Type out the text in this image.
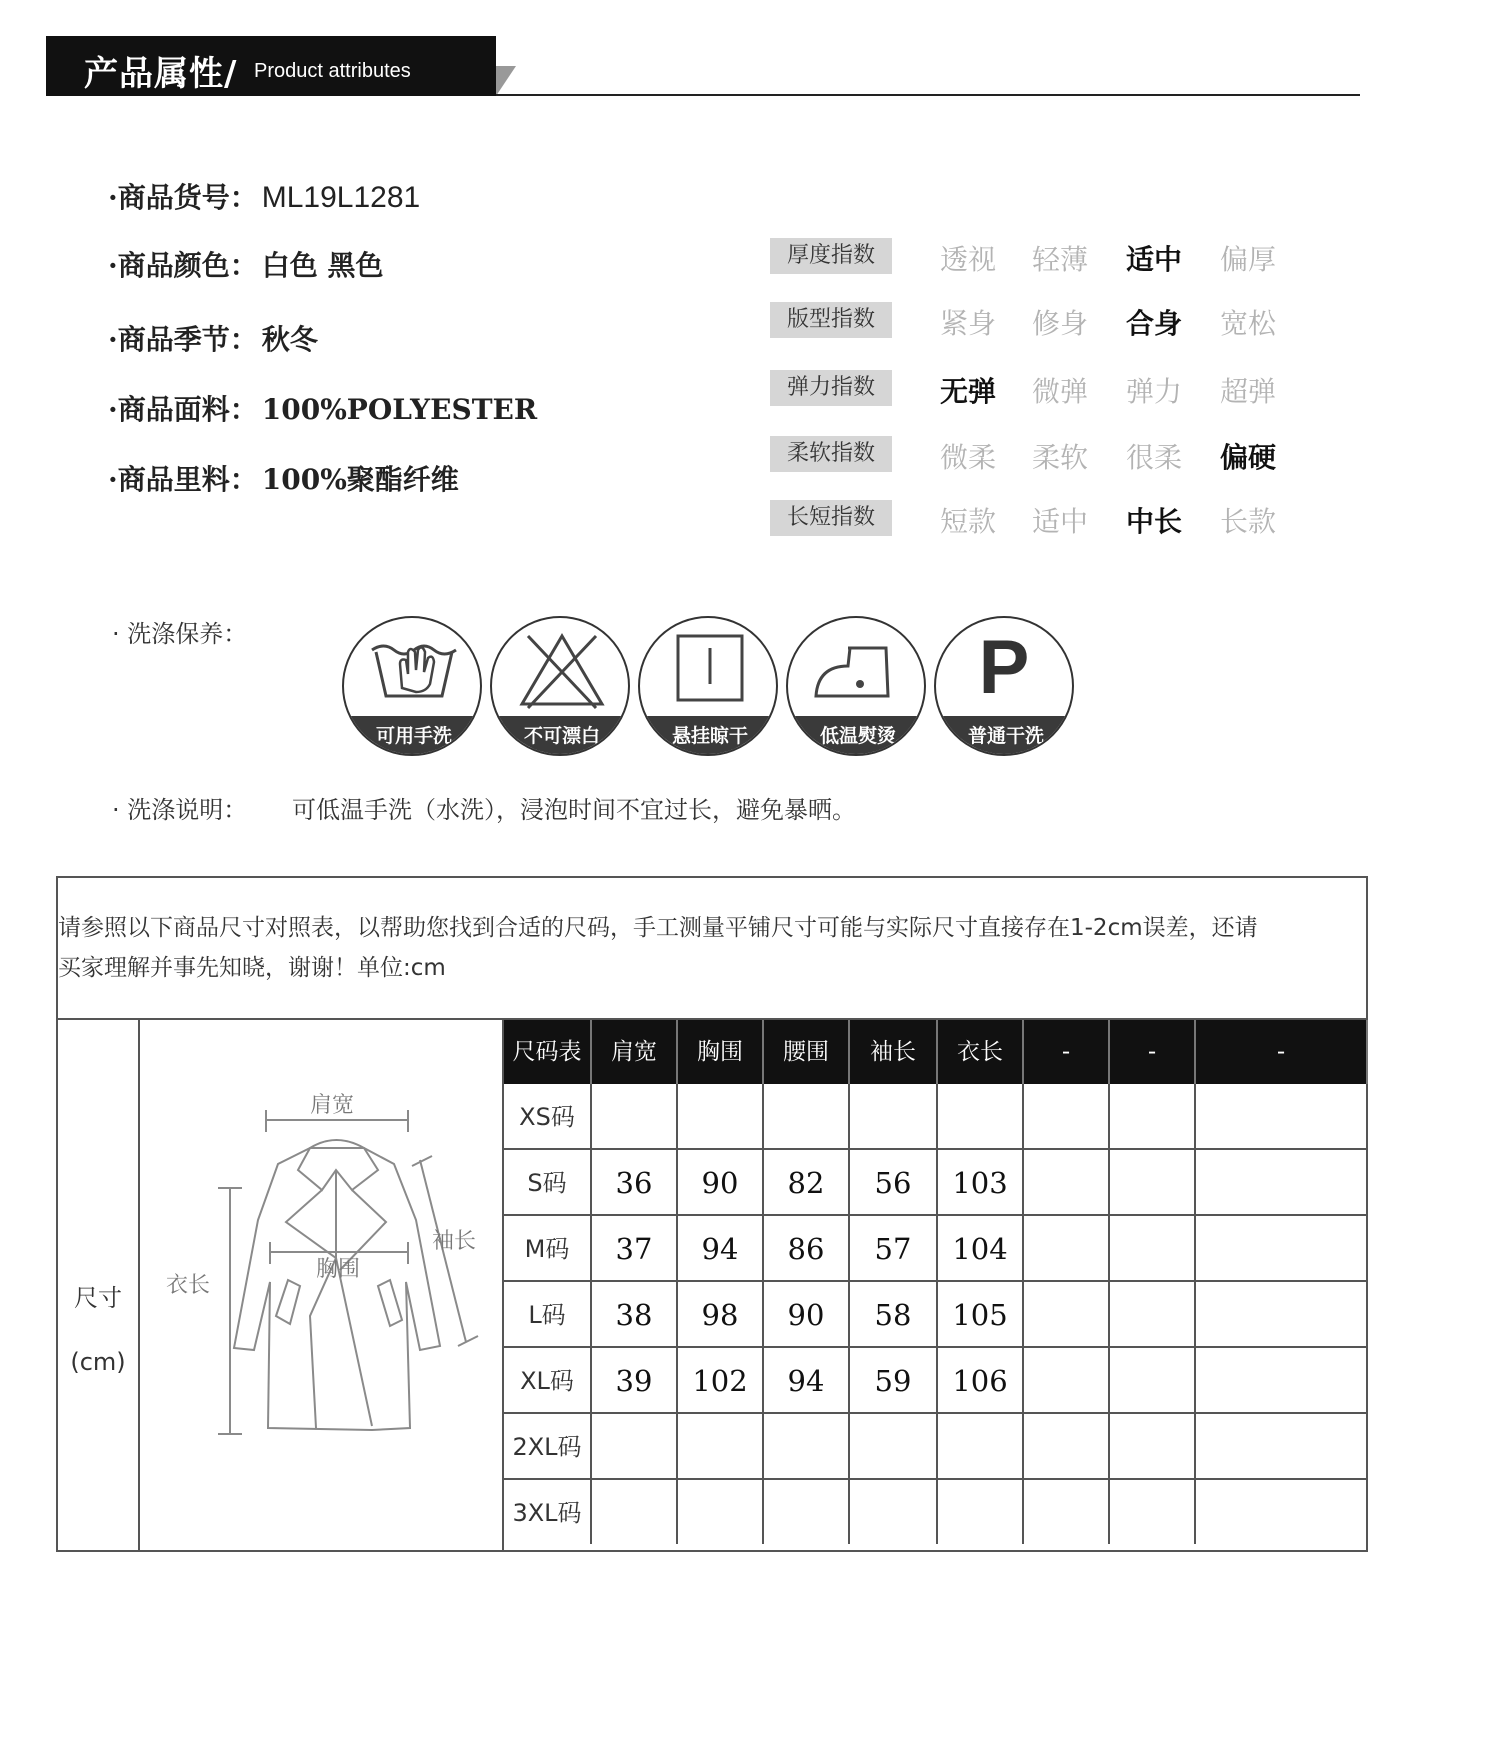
产品属性/ Product attributes
·商品货号： ML19L1281
·商品颜色： 白色 黑色
·商品季节： 秋冬
·商品面料： 100%POLYESTER
·商品里料： 100%聚酯纤维
厚度指数	透视 轻薄 适中 偏厚
版型指数	紧身 修身 合身 宽松
弹力指数	无弹 微弹 弹力 超弹
柔软指数	微柔 柔软 很柔 偏硬
长短指数	短款 适中 中长 长款
· 洗涤保养：
可用手洗	不可漂白	悬挂晾干	低温熨烫
P
普通干洗
· 洗涤说明： 可低温手洗（水洗），浸泡时间不宜过长，避免暴晒。
请参照以下商品尺寸对照表，以帮助您找到合适的尺码，手工测量平铺尺寸可能与实际尺寸直接存在1-2cm误差，还请
买家理解并事先知晓，谢谢！单位:cm
尺寸
(cm)
肩宽
袖长
胸围
衣长
尺码表	肩宽	胸围	腰围	袖长	衣长	-	-	-
XS码
S码	36	90	82	56	103
M码	37	94	86	57	104
L码	38	98	90	58	105
XL码	39	102	94	59	106
2XL码
3XL码
